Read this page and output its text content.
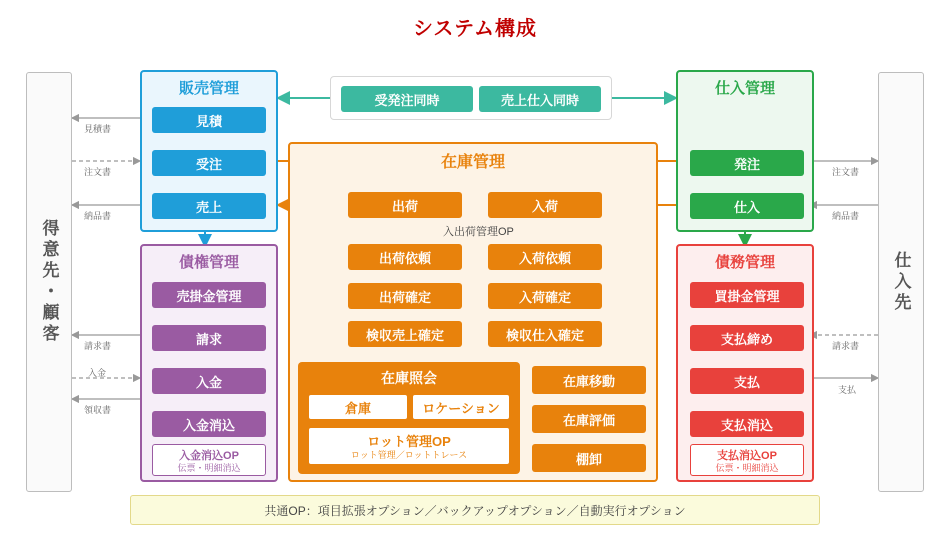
システム構成
得意先・顧客	仕入先
見積書
注文書
納品書
請求書
入金
領収書
注文書
納品書
請求書
支払
受発注同時	売上仕入同時
販売管理
見積
受注
売上
仕入管理
発注
仕入
在庫管理
出荷	入荷
入出荷管理OP
出荷依頼
出荷確定
検収売上確定
入荷依頼
入荷確定
検収仕入確定
在庫照会
倉庫	ロケーション
ロット管理OP
ロット管理／ロットトレース
在庫移動
在庫評価
棚卸
債権管理
売掛金管理
請求
入金
入金消込
入金消込OP
伝票・明細消込
債務管理
買掛金管理
支払締め
支払
支払消込
支払消込OP
伝票・明細消込
共通OP：項目拡張オプション／バックアップオプション／自動実行オプション
